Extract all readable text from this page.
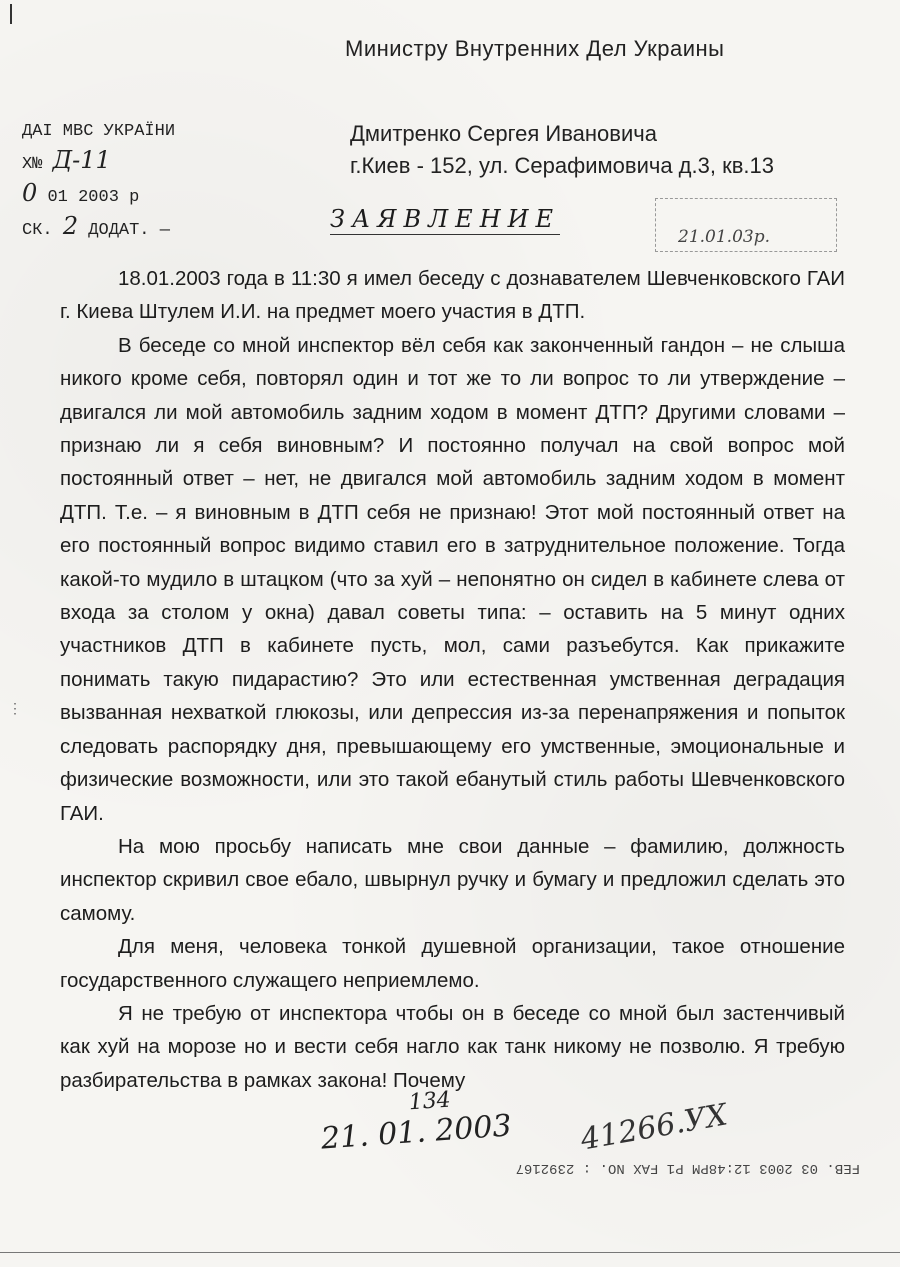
Министру Внутренних Дел Украины
ДАІ МВС УКРАЇНИ
Х№ Д-11
0 01 2003 р
СК. 2 ДОДАТ. —
Дмитренко Сергея Ивановича
г.Киев - 152, ул. Серафимовича д.3, кв.13
ЗАЯВЛЕНИЕ
21.01.03р.

18.01.2003 года в 11:30 я имел беседу с дознавателем Шевченковского ГАИ г. Киева Штулем И.И. на предмет моего участия в ДТП.

В беседе со мной инспектор вёл себя как законченный гандон – не слыша никого кроме себя, повторял один и тот же то ли вопрос то ли утверждение – двигался ли мой автомобиль задним ходом в момент ДТП? Другими словами – признаю ли я себя виновным? И постоянно получал на свой вопрос мой постоянный ответ – нет, не двигался мой автомобиль задним ходом в момент ДТП. Т.е. – я виновным в ДТП себя не признаю! Этот мой постоянный ответ на его постоянный вопрос видимо ставил его в затруднительное положение. Тогда какой-то мудило в штацком (что за хуй – непонятно он сидел в кабинете слева от входа за столом у окна) давал советы типа: – оставить на 5 минут одних участников ДТП в кабинете пусть, мол, сами разъебутся. Как прикажите понимать такую пидарастию? Это или естественная умственная деградация вызванная нехваткой глюкозы, или депрессия из-за перенапряжения и попыток следовать распорядку дня, превышающему его умственные, эмоциональные и физические возможности, или это такой ебанутый стиль работы Шевченковского ГАИ.

На мою просьбу написать мне свои данные – фамилию, должность инспектор скривил свое ебало, швырнул ручку и бумагу и предложил сделать это самому.

Для меня, человека тонкой душевной организации, такое отношение государственного служащего неприемлемо.

Я не требую от инспектора чтобы он в беседе со мной был застенчивый как хуй на морозе но и вести себя нагло как танк никому не позволю. Я требую разбирательства в рамках закона! Почему

134
21. 01. 2003 41266.УХ
FEB. 03 2003 12:48PM P1 FAX NO. : 2392167
⋮
